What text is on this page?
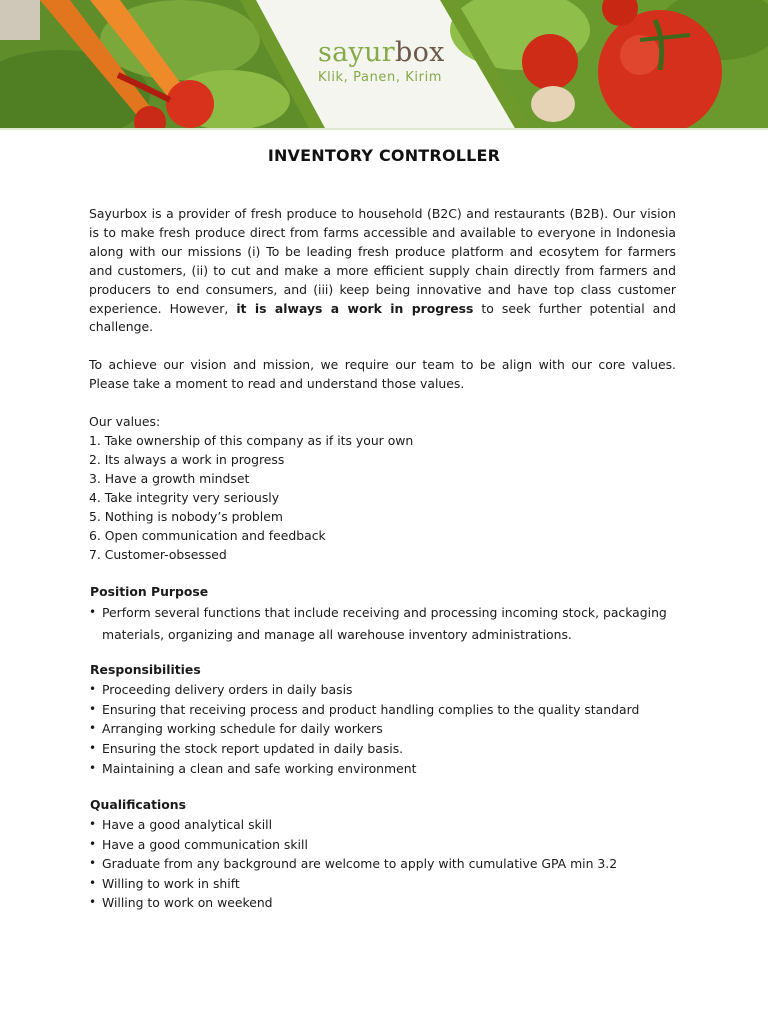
sayurbox
Klik, Panen, Kirim
INVENTORY CONTROLLER

Sayurbox is a provider of fresh produce to household (B2C) and restaurants (B2B). Our vision is to make fresh produce direct from farms accessible and available to everyone in Indonesia along with our missions (i) To be leading fresh produce platform and ecosytem for farmers and customers, (ii) to cut and make a more efficient supply chain directly from farmers and producers to end consumers, and (iii) keep being innovative and have top class customer experience. However, it is always a work in progress to seek further potential and challenge.

To achieve our vision and mission, we require our team to be align with our core values. Please take a moment to read and understand those values.

Our values:

1. Take ownership of this company as if its your own

2. Its always a work in progress

3. Have a growth mindset

4. Take integrity very seriously

5. Nothing is nobody’s problem

6. Open communication and feedback

7. Customer-obsessed

Position Purpose

• Perform several functions that include receiving and processing incoming stock, packaging materials, organizing and manage all warehouse inventory administrations.

Responsibilities

• Proceeding delivery orders in daily basis
• Ensuring that receiving process and product handling complies to the quality standard
• Arranging working schedule for daily workers
• Ensuring the stock report updated in daily basis.
• Maintaining a clean and safe working environment

Qualifications

• Have a good analytical skill
• Have a good communication skill
• Graduate from any background are welcome to apply with cumulative GPA min 3.2
• Willing to work in shift
• Willing to work on weekend
